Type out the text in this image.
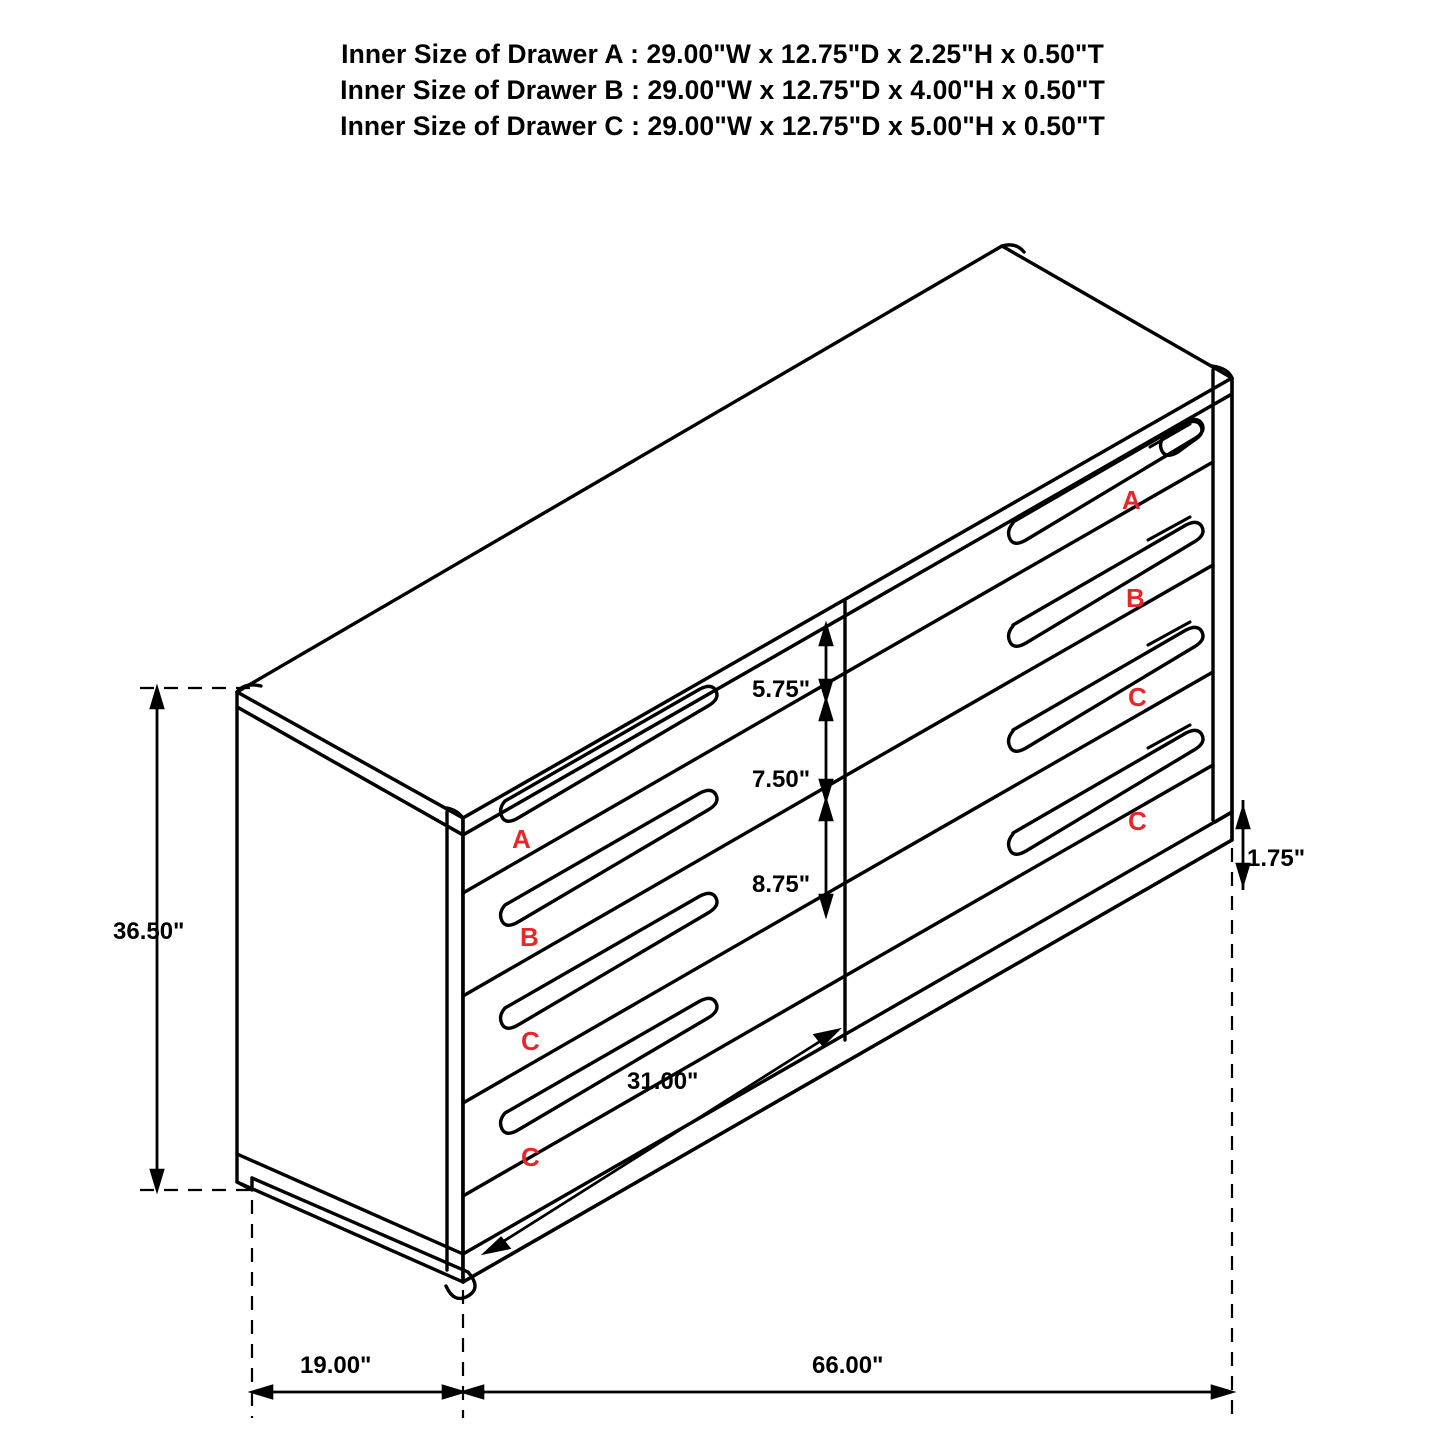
Inner Size of Drawer A : 29.00"W x 12.75"D x 2.25"H x 0.50"T
Inner Size of Drawer B : 29.00"W x 12.75"D x 4.00"H x 0.50"T
Inner Size of Drawer C : 29.00"W x 12.75"D x 5.00"H x 0.50"T
36.50"
19.00"	66.00"
1.75"
31.00"
5.75"
7.50"
8.75"
A
B
C
C
A
B
C
C
